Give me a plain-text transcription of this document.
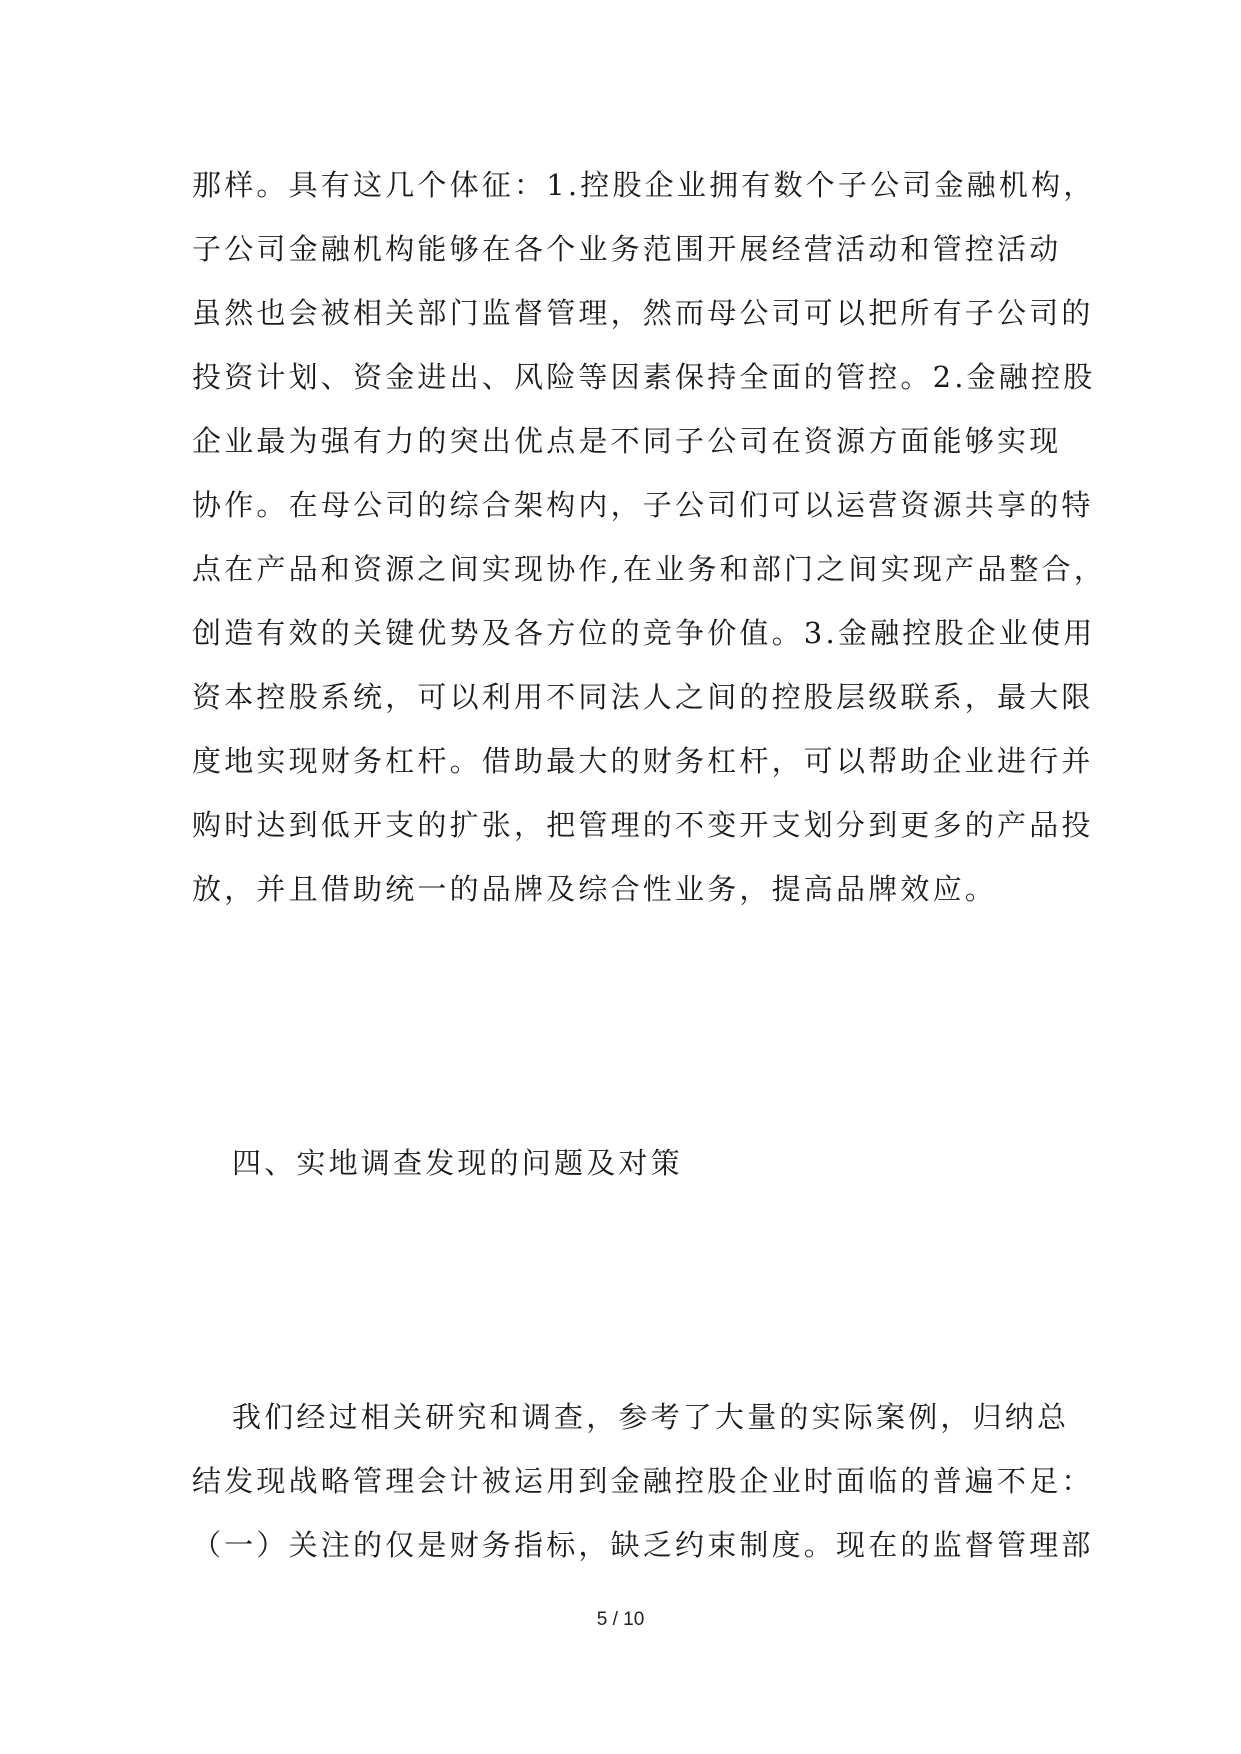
那样。具有这几个体征：1.控股企业拥有数个子公司金融机构，
子公司金融机构能够在各个业务范围开展经营活动和管控活动
虽然也会被相关部门监督管理，然而母公司可以把所有子公司的
投资计划、资金进出、风险等因素保持全面的管控。2.金融控股
企业最为强有力的突出优点是不同子公司在资源方面能够实现
协作。在母公司的综合架构内，子公司们可以运营资源共享的特
点在产品和资源之间实现协作,在业务和部门之间实现产品整合，
创造有效的关键优势及各方位的竞争价值。3.金融控股企业使用
资本控股系统，可以利用不同法人之间的控股层级联系，最大限
度地实现财务杠杆。借助最大的财务杠杆，可以帮助企业进行并
购时达到低开支的扩张，把管理的不变开支划分到更多的产品投
放，并且借助统一的品牌及综合性业务，提高品牌效应。
四、实地调查发现的问题及对策
我们经过相关研究和调查，参考了大量的实际案例，归纳总
结发现战略管理会计被运用到金融控股企业时面临的普遍不足：
（一）关注的仅是财务指标，缺乏约束制度。现在的监督管理部
5 / 10
